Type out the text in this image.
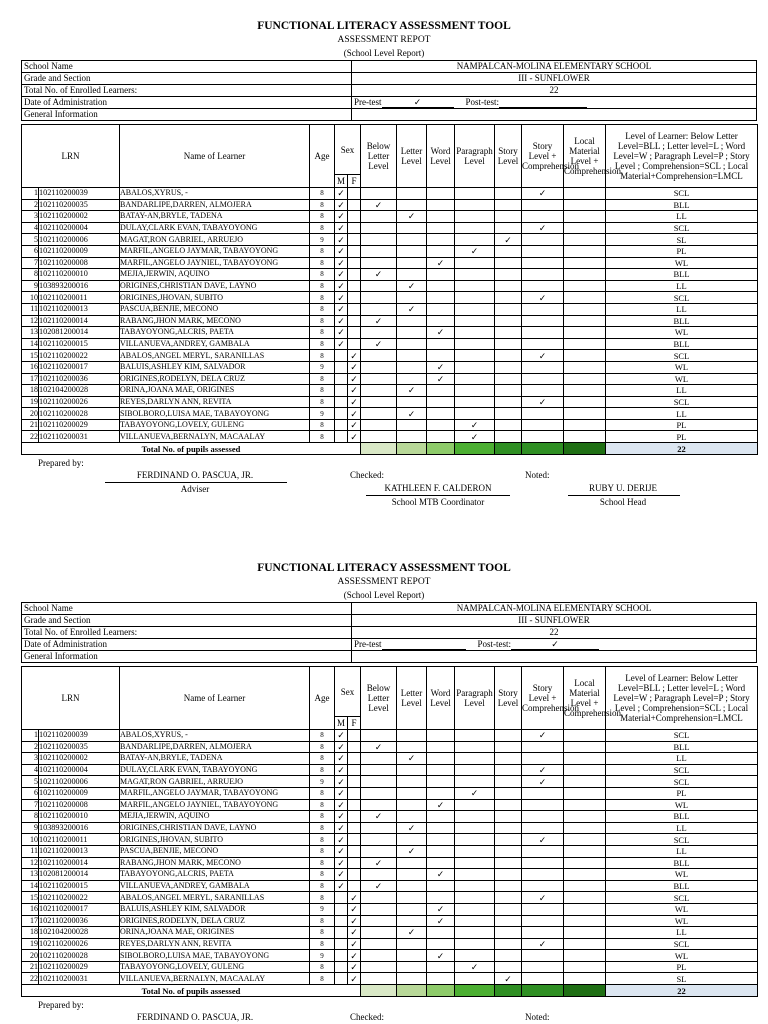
FUNCTIONAL LITERACY ASSESSMENT TOOL
ASSESSMENT REPOT
(School Level Report)
School Name	NAMPALCAN-MOLINA ELEMENTARY SCHOOL
Grade and Section	III - SUNFLOWER
Total No. of Enrolled Learners:	22
Date of Administration	Pre-test ✓ Post-test:
General Information	
LRN		Name of Learner	Age	Sex		Below Letter Level	Letter Level	Word Level	Paragraph Level	Story Level	Story Level + Comprehension	Local Material Level + Comprehension	Level of Learner: Below Letter Level=BLL ; Letter level=L ; Word Level=W ; Paragraph Level=P ; Story Level ; Comprehension=SCL ; Local Material+Comprehension=LMCL
				M	F								
1	102110200039	ABALOS,XYRUS, -	8	✓							✓		SCL
2	102110200035	BANDARLIPE,DARREN, ALMOJERA	8	✓		✓							BLL
3	102110200002	BATAY-AN,BRYLE, TADENA	8	✓			✓						LL
4	102110200004	DULAY,CLARK EVAN, TABAYOYONG	8	✓							✓		SCL
5	102110200006	MAGAT,RON GABRIEL, ARRUEJO	9	✓						✓			SL
6	102110200009	MARFIL,ANGELO JAYMAR, TABAYOYONG	8	✓					✓				PL
7	102110200008	MARFIL,ANGELO JAYNIEL, TABAYOYONG	8	✓				✓					WL
8	102110200010	MEJIA,JERWIN, AQUINO	8	✓		✓							BLL
9	103893200016	ORIGINES,CHRISTIAN DAVE, LAYNO	8	✓			✓						LL
10	102110200011	ORIGINES,JHOVAN, SUBITO	8	✓							✓		SCL
11	102110200013	PASCUA,BENJIE, MECONO	8	✓			✓						LL
12	102110200014	RABANG,JHON MARK, MECONO	8	✓		✓							BLL
13	102081200014	TABAYOYONG,ALCRIS, PAETA	8	✓				✓					WL
14	102110200015	VILLANUEVA,ANDREY, GAMBALA	8	✓		✓							BLL
15	102110200022	ABALOS,ANGEL MERYL, SARANILLAS	8		✓						✓		SCL
16	102110200017	BALUIS,ASHLEY KIM, SALVADOR	9		✓			✓					WL
17	102110200036	ORIGINES,RODELYN, DELA CRUZ	8		✓			✓					WL
18	102104200028	ORINA,JOANA MAE, ORIGINES	8		✓		✓						LL
19	102110200026	REYES,DARLYN ANN, REVITA	8		✓						✓		SCL
20	102110200028	SIBOLBORO,LUISA MAE, TABAYOYONG	9		✓		✓						LL
21	102110200029	TABAYOYONG,LOVELY, GULENG	8		✓				✓				PL
22	102110200031	VILLANUEVA,BERNALYN, MACAALAY	8		✓				✓				PL
Total No. of pupils assessed													22
Prepared by:
FERDINAND O. PASCUA, JR.
Adviser
Checked:
KATHLEEN F. CALDERON
School MTB Coordinator
Noted:
RUBY U. DERIJE
School Head
FUNCTIONAL LITERACY ASSESSMENT TOOL
ASSESSMENT REPOT
(School Level Report)
School Name	NAMPALCAN-MOLINA ELEMENTARY SCHOOL
Grade and Section	III - SUNFLOWER
Total No. of Enrolled Learners:	22
Date of Administration	Pre-test Post-test: ✓
General Information	
LRN		Name of Learner	Age	Sex		Below Letter Level	Letter Level	Word Level	Paragraph Level	Story Level	Story Level + Comprehension	Local Material Level + Comprehension	Level of Learner: Below Letter Level=BLL ; Letter level=L ; Word Level=W ; Paragraph Level=P ; Story Level ; Comprehension=SCL ; Local Material+Comprehension=LMCL
				M	F								
1	102110200039	ABALOS,XYRUS, -	8	✓							✓		SCL
2	102110200035	BANDARLIPE,DARREN, ALMOJERA	8	✓		✓							BLL
3	102110200002	BATAY-AN,BRYLE, TADENA	8	✓			✓						LL
4	102110200004	DULAY,CLARK EVAN, TABAYOYONG	8	✓							✓		SCL
5	102110200006	MAGAT,RON GABRIEL, ARRUEJO	9	✓							✓		SCL
6	102110200009	MARFIL,ANGELO JAYMAR, TABAYOYONG	8	✓					✓				PL
7	102110200008	MARFIL,ANGELO JAYNIEL, TABAYOYONG	8	✓				✓					WL
8	102110200010	MEJIA,JERWIN, AQUINO	8	✓		✓							BLL
9	103893200016	ORIGINES,CHRISTIAN DAVE, LAYNO	8	✓			✓						LL
10	102110200011	ORIGINES,JHOVAN, SUBITO	8	✓							✓		SCL
11	102110200013	PASCUA,BENJIE, MECONO	8	✓			✓						LL
12	102110200014	RABANG,JHON MARK, MECONO	8	✓		✓							BLL
13	102081200014	TABAYOYONG,ALCRIS, PAETA	8	✓				✓					WL
14	102110200015	VILLANUEVA,ANDREY, GAMBALA	8	✓		✓							BLL
15	102110200022	ABALOS,ANGEL MERYL, SARANILLAS	8		✓						✓		SCL
16	102110200017	BALUIS,ASHLEY KIM, SALVADOR	9		✓			✓					WL
17	102110200036	ORIGINES,RODELYN, DELA CRUZ	8		✓			✓					WL
18	102104200028	ORINA,JOANA MAE, ORIGINES	8		✓		✓						LL
19	102110200026	REYES,DARLYN ANN, REVITA	8		✓						✓		SCL
20	102110200028	SIBOLBORO,LUISA MAE, TABAYOYONG	9		✓			✓					WL
21	102110200029	TABAYOYONG,LOVELY, GULENG	8		✓				✓				PL
22	102110200031	VILLANUEVA,BERNALYN, MACAALAY	8		✓					✓			SL
Total No. of pupils assessed													22
Prepared by:
FERDINAND O. PASCUA, JR.	Checked:	Noted:
